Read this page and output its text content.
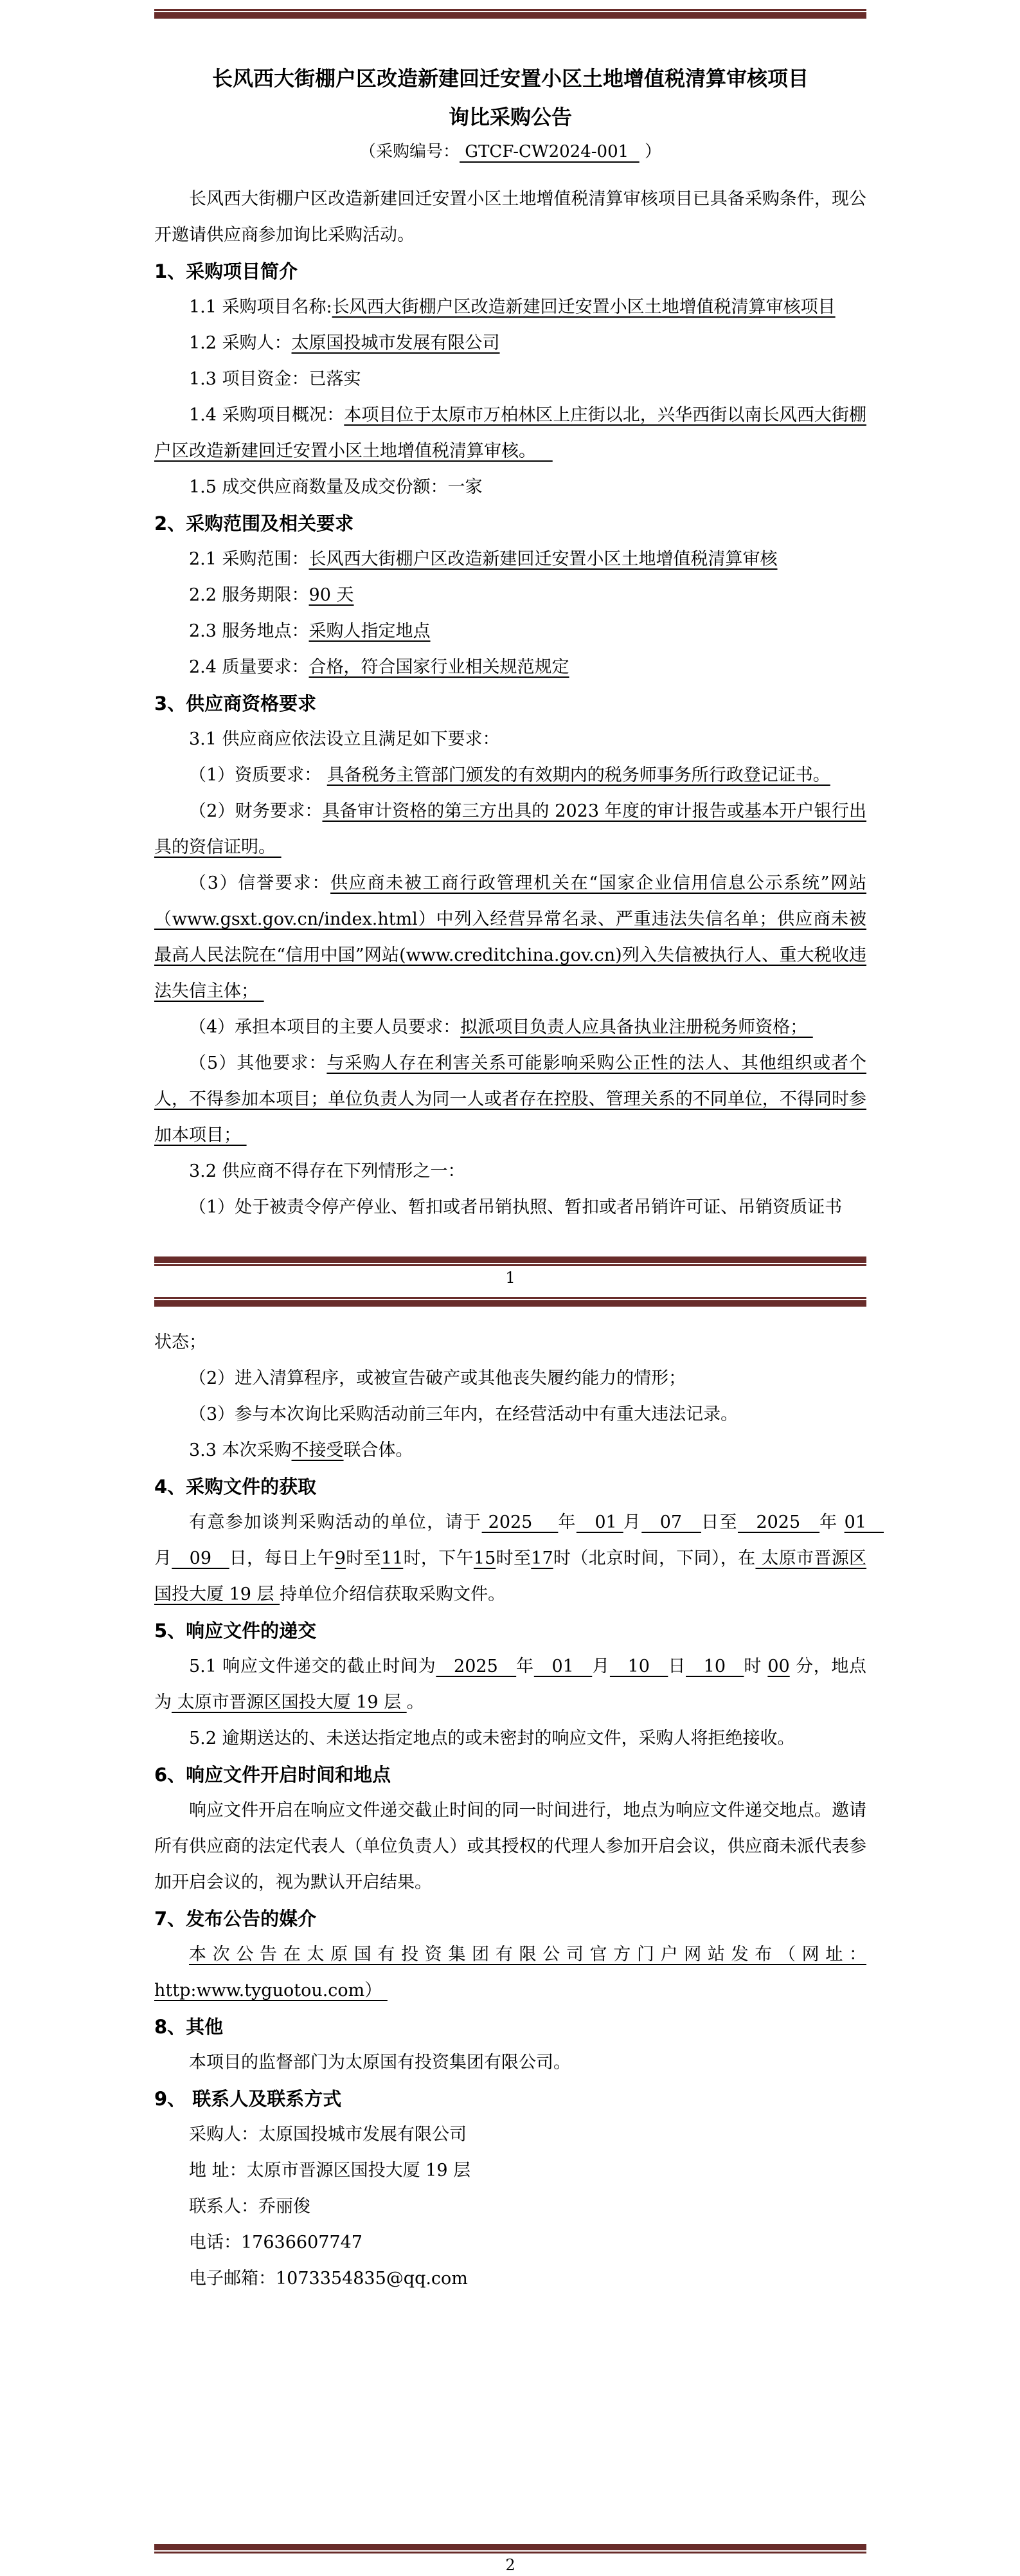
长风西大街棚户区改造新建回迁安置小区土地增值税清算审核项目

询比采购公告

（采购编号： GTCF-CW2024-001   ）

长风西大街棚户区改造新建回迁安置小区土地增值税清算审核项目已具备采购条件，现公开邀请供应商参加询比采购活动。

1、采购项目简介

1.1 采购项目名称:长风西大街棚户区改造新建回迁安置小区土地增值税清算审核项目

1.2 采购人：太原国投城市发展有限公司

1.3 项目资金：已落实

1.4 采购项目概况：本项目位于太原市万柏林区上庄街以北，兴华西街以南长风西大街棚户区改造新建回迁安置小区土地增值税清算审核。

1.5 成交供应商数量及成交份额：一家

2、采购范围及相关要求

2.1 采购范围：长风西大街棚户区改造新建回迁安置小区土地增值税清算审核

2.2 服务期限：90 天

2.3 服务地点：采购人指定地点

2.4 质量要求：合格，符合国家行业相关规范规定

3、供应商资格要求

3.1 供应商应依法设立且满足如下要求：

（1）资质要求： 具备税务主管部门颁发的有效期内的税务师事务所行政登记证书。

（2）财务要求：具备审计资格的第三方出具的 2023 年度的审计报告或基本开户银行出具的资信证明。

（3）信誉要求：供应商未被工商行政管理机关在“国家企业信用信息公示系统”网站（www.gsxt.gov.cn/index.html）中列入经营异常名录、严重违法失信名单；供应商未被最高人民法院在“信用中国”网站(www.creditchina.gov.cn)列入失信被执行人、重大税收违法失信主体；

（4）承担本项目的主要人员要求：拟派项目负责人应具备执业注册税务师资格；

（5）其他要求：与采购人存在利害关系可能影响采购公正性的法人、其他组织或者个人，不得参加本项目；单位负责人为同一人或者存在控股、管理关系的不同单位，不得同时参加本项目；

3.2 供应商不得存在下列情形之一：

（1）处于被责令停产停业、暂扣或者吊销执照、暂扣或者吊销许可证、吊销资质证书

1

状态；

（2）进入清算程序，或被宣告破产或其他丧失履约能力的情形；

（3）参与本次询比采购活动前三年内，在经营活动中有重大违法记录。

3.3 本次采购不接受联合体。

4、采购文件的获取

有意参加谈判采购活动的单位，请于 2025　 年　01 月　07　日至　2025　年 01　月　09　日，每日上午9时至11时，下午15时至17时（北京时间，下同），在 太原市晋源区国投大厦 19 层 持单位介绍信获取采购文件。

5、响应文件的递交

5.1 响应文件递交的截止时间为　2025　年　01　月　10　日　10　时 00 分，地点为 太原市晋源区国投大厦 19 层 。

5.2 逾期送达的、未送达指定地点的或未密封的响应文件，采购人将拒绝接收。

6、响应文件开启时间和地点

响应文件开启在响应文件递交截止时间的同一时间进行，地点为响应文件递交地点。邀请所有供应商的法定代表人（单位负责人）或其授权的代理人参加开启会议，供应商未派代表参加开启会议的，视为默认开启结果。

7、发布公告的媒介

本次公告在太原国有投资集团有限公司官方门户网站发布（网址：http:www.tyguotou.com）

8、其他

本项目的监督部门为太原国有投资集团有限公司。

9、 联系人及联系方式

采购人：太原国投城市发展有限公司

地 址：太原市晋源区国投大厦 19 层

联系人：乔丽俊

电话：17636607747

电子邮箱：1073354835@qq.com

2
